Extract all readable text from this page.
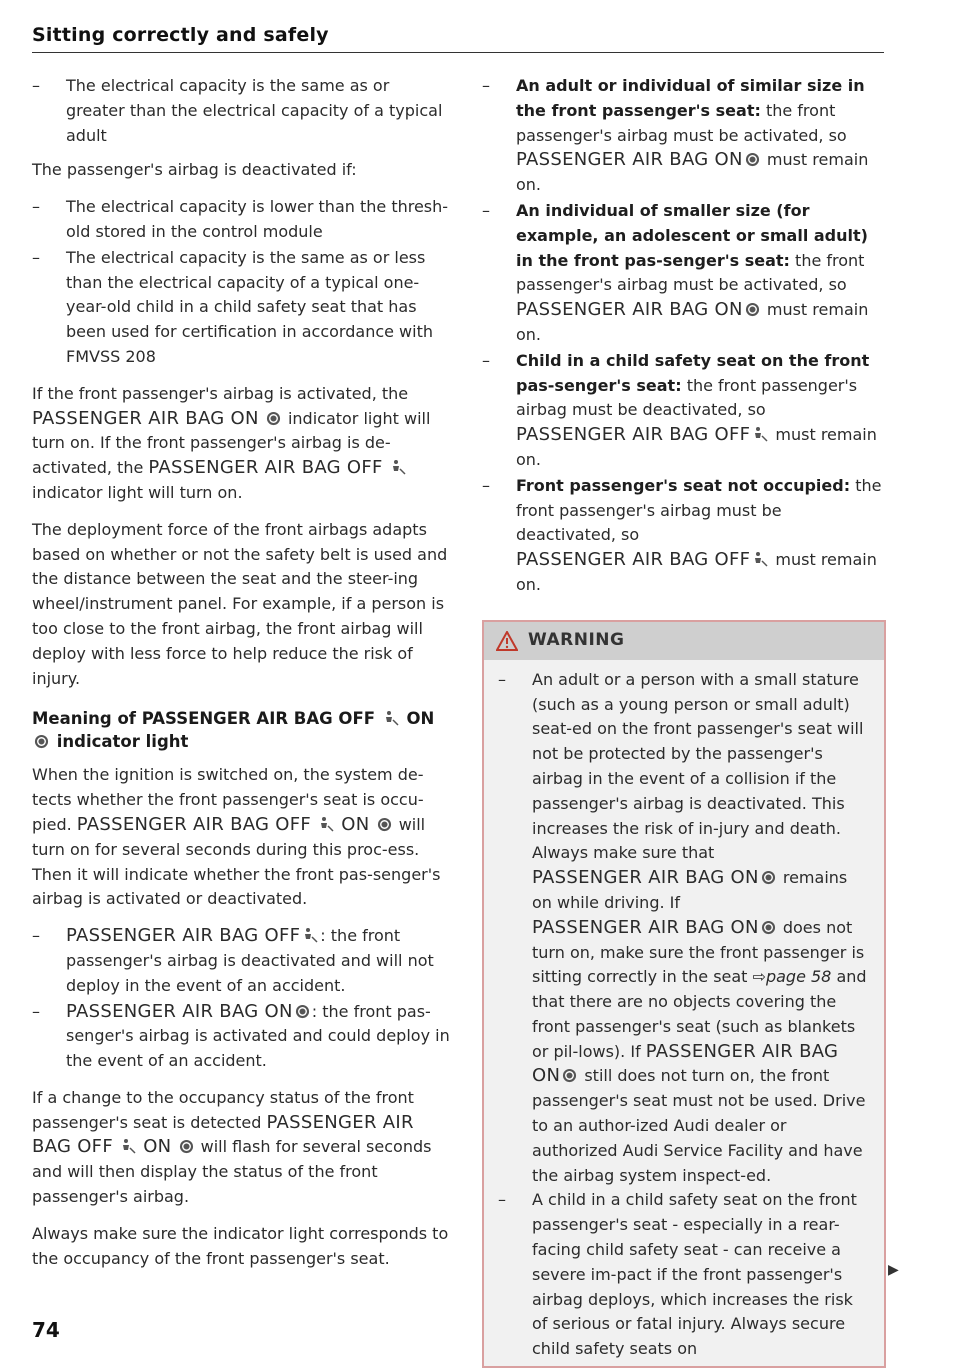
Sitting correctly and safely
– The electrical capacity is the same as or greater than the electrical capacity of a typical adult

The passenger's airbag is deactivated if:

– The electrical capacity is lower than the thresh-old stored in the control module
– The electrical capacity is the same as or less than the electrical capacity of a typical one-year-old child in a child safety seat that has been used for certification in accordance with FMVSS 208

If the front passenger's airbag is activated, the PASSENGER AIR BAG ON indicator light will turn on. If the front passenger's airbag is de-activated, the PASSENGER AIR BAG OFF  indicator light will turn on.

The deployment force of the front airbags adapts based on whether or not the safety belt is used and the distance between the seat and the steer-ing wheel/instrument panel. For example, if a person is too close to the front airbag, the front airbag will deploy with less force to help reduce the risk of injury.

Meaning of PASSENGER AIR BAG OFF ON
indicator light

When the ignition is switched on, the system de-tects whether the front passenger's seat is occu-pied. PASSENGER AIR BAG OFF ON will turn on for several seconds during this proc-ess. Then it will indicate whether the front pas-senger's airbag is activated or deactivated.

– PASSENGER AIR BAG OFF : the front passenger's airbag is deactivated and will not deploy in the event of an accident.
– PASSENGER AIR BAG ON : the front pas-senger's airbag is activated and could deploy in the event of an accident.

If a change to the occupancy status of the front passenger's seat is detected PASSENGER AIR BAG OFF ON will flash for several seconds and will then display the status of the front passenger's airbag.

Always make sure the indicator light corresponds to the occupancy of the front passenger's seat.

– An adult or individual of similar size in the front passenger's seat: the front passenger's airbag must be activated, so
PASSENGER AIR BAG ON must remain on.
– An individual of smaller size (for example, an adolescent or small adult) in the front pas-senger's seat: the front passenger's airbag must be activated, so
PASSENGER AIR BAG ON must remain on.
– Child in a child safety seat on the front pas-senger's seat: the front passenger's airbag must be deactivated, so
PASSENGER AIR BAG OFF must remain on.
– Front passenger's seat not occupied: the front passenger's airbag must be deactivated, so
PASSENGER AIR BAG OFF must remain on.
WARNING
– An adult or a person with a small stature (such as a young person or small adult) seat-ed on the front passenger's seat will not be protected by the passenger's airbag in the event of a collision if the passenger's airbag is deactivated. This increases the risk of in-jury and death. Always make sure that
PASSENGER AIR BAG ON remains on while driving. If
PASSENGER AIR BAG ON does not turn on, make sure the front passenger is sitting correctly in the seat ⇨page 58 and that there are no objects covering the front passenger's seat (such as blankets or pil-lows). If PASSENGER AIR BAG ON still does not turn on, the front passenger's seat must not be used. Drive to an author-ized Audi dealer or authorized Audi Service Facility and have the airbag system inspect-ed.
– A child in a child safety seat on the front passenger's seat - especially in a rear-facing child safety seat - can receive a severe im-pact if the front passenger's airbag deploys, which increases the risk of serious or fatal injury. Always secure child safety seats on
▶
74
